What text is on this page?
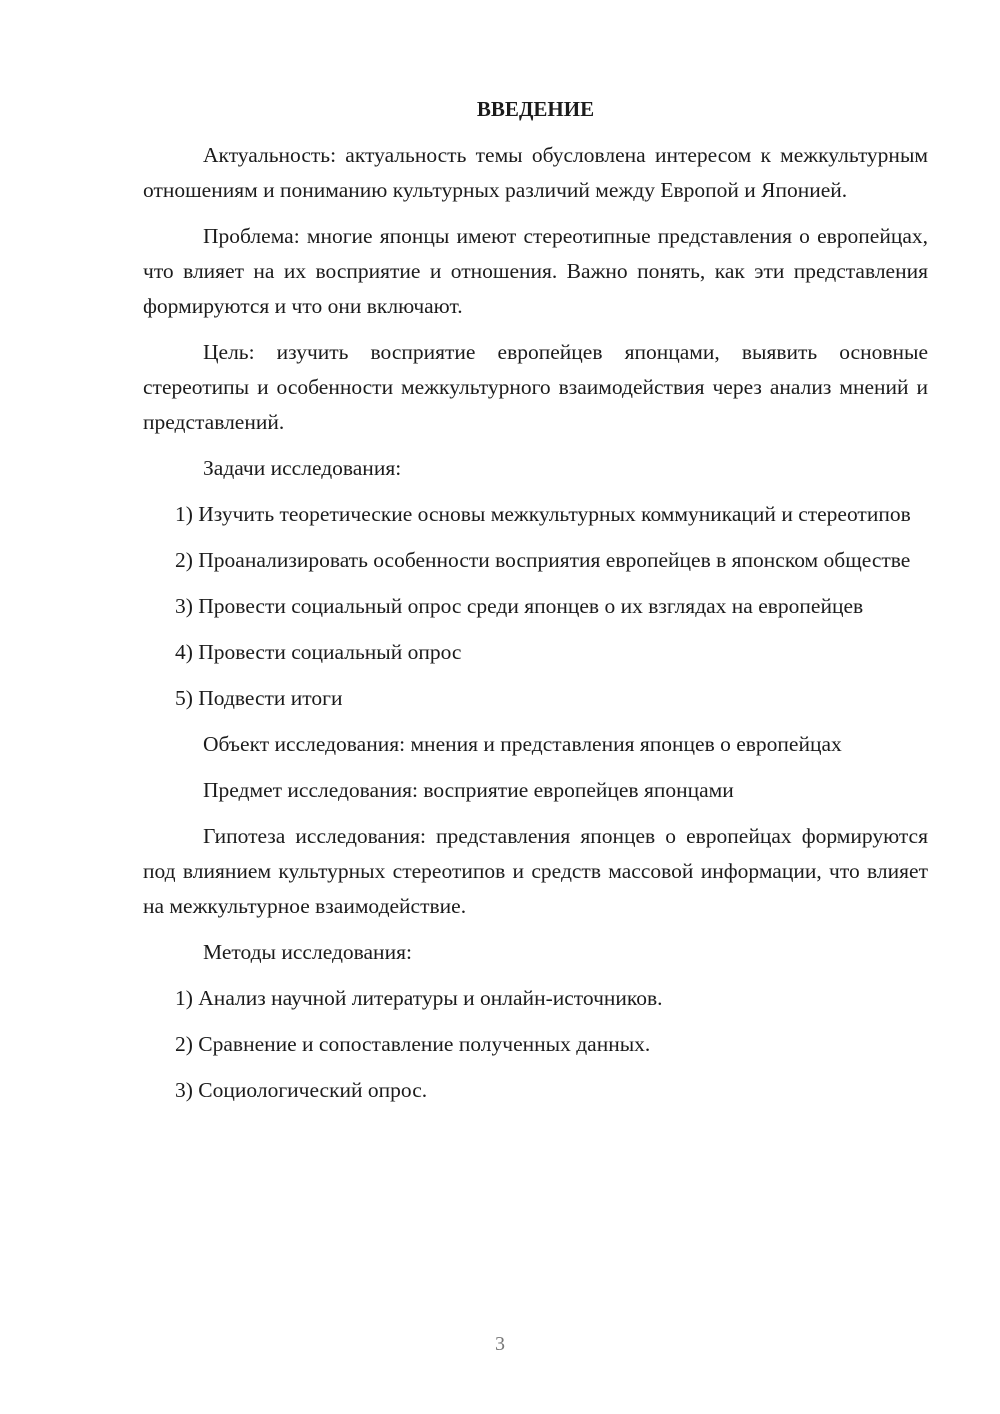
ВВЕДЕНИЕ

Актуальность: актуальность темы обусловлена интересом к межкультурным отношениям и пониманию культурных различий между Европой и Японией.

Проблема: многие японцы имеют стереотипные представления о европейцах, что влияет на их восприятие и отношения. Важно понять, как эти представления формируются и что они включают.

Цель: изучить восприятие европейцев японцами, выявить основные стереотипы и особенности межкультурного взаимодействия через анализ мнений и представлений.

Задачи исследования:

1) Изучить теоретические основы межкультурных коммуникаций и стереотипов

2) Проанализировать особенности восприятия европейцев в японском обществе

3) Провести социальный опрос среди японцев о их взглядах на европейцев

4) Провести социальный опрос

5) Подвести итоги

Объект исследования: мнения и представления японцев о европейцах

Предмет исследования: восприятие европейцев японцами

Гипотеза исследования: представления японцев о европейцах формируются под влиянием культурных стереотипов и средств массовой информации, что влияет на межкультурное взаимодействие.

Методы исследования:

1) Анализ научной литературы и онлайн-источников.

2) Сравнение и сопоставление полученных данных.

3) Социологический опрос.

3
